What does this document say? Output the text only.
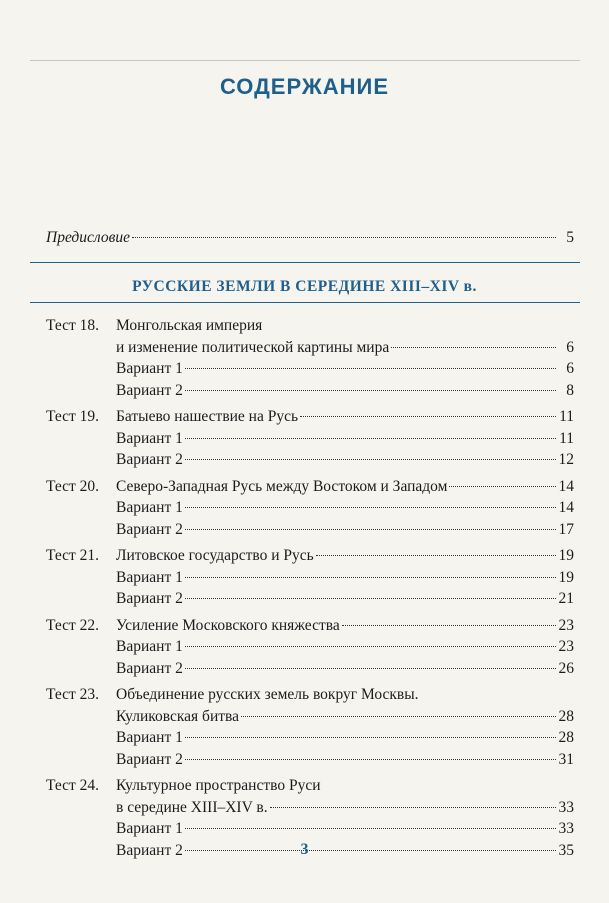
СОДЕРЖАНИЕ
Предисловие	5
РУССКИЕ ЗЕМЛИ В СЕРЕДИНЕ XIII–XIV в.
Тест 18.	Монгольская империя
и изменение политической картины мира	6
Вариант 1	6
Вариант 2	8
Тест 19.	Батыево нашествие на Русь	11
Вариант 1	11
Вариант 2	12
Тест 20.	Северо-Западная Русь между Востоком и Западом	14
Вариант 1	14
Вариант 2	17
Тест 21.	Литовское государство и Русь	19
Вариант 1	19
Вариант 2	21
Тест 22.	Усиление Московского княжества	23
Вариант 1	23
Вариант 2	26
Тест 23.	Объединение русских земель вокруг Москвы.
Куликовская битва	28
Вариант 1	28
Вариант 2	31
Тест 24.	Культурное пространство Руси
в середине XIII–XIV в.	33
Вариант 1	33
Вариант 2	35
3
